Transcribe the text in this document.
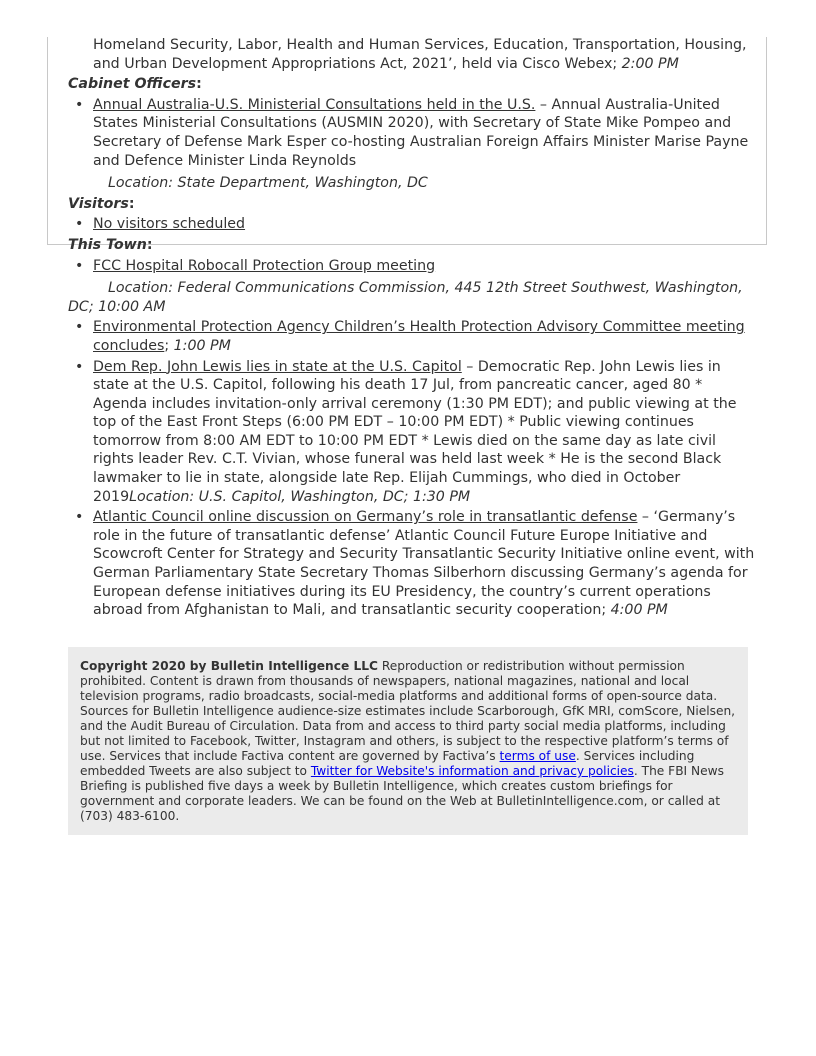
Homeland Security, Labor, Health and Human Services, Education, Transportation, Housing, and Urban Development Appropriations Act, 2021’, held via Cisco Webex; 2:00 PM
Cabinet Officers:
• Annual Australia-U.S. Ministerial Consultations held in the U.S. – Annual Australia-United States Ministerial Consultations (AUSMIN 2020), with Secretary of State Mike Pompeo and Secretary of Defense Mark Esper co-hosting Australian Foreign Affairs Minister Marise Payne and Defence Minister Linda Reynolds
Location: State Department, Washington, DC
Visitors:
• No visitors scheduled
This Town:
• FCC Hospital Robocall Protection Group meeting
Location: Federal Communications Commission, 445 12th Street Southwest, Washington, DC; 10:00 AM
• Environmental Protection Agency Children’s Health Protection Advisory Committee meeting concludes; 1:00 PM
• Dem Rep. John Lewis lies in state at the U.S. Capitol – Democratic Rep. John Lewis lies in state at the U.S. Capitol, following his death 17 Jul, from pancreatic cancer, aged 80 * Agenda includes invitation-only arrival ceremony (1:30 PM EDT); and public viewing at the top of the East Front Steps (6:00 PM EDT – 10:00 PM EDT) * Public viewing continues tomorrow from 8:00 AM EDT to 10:00 PM EDT * Lewis died on the same day as late civil rights leader Rev. C.T. Vivian, whose funeral was held last week * He is the second Black lawmaker to lie in state, alongside late Rep. Elijah Cummings, who died in October 2019Location: U.S. Capitol, Washington, DC; 1:30 PM
• Atlantic Council online discussion on Germany’s role in transatlantic defense – ‘Germany’s role in the future of transatlantic defense’ Atlantic Council Future Europe Initiative and Scowcroft Center for Strategy and Security Transatlantic Security Initiative online event, with German Parliamentary State Secretary Thomas Silberhorn discussing Germany’s agenda for European defense initiatives during its EU Presidency, the country’s current operations abroad from Afghanistan to Mali, and transatlantic security cooperation; 4:00 PM
Copyright 2020 by Bulletin Intelligence LLC Reproduction or redistribution without permission prohibited. Content is drawn from thousands of newspapers, national magazines, national and local television programs, radio broadcasts, social-media platforms and additional forms of open-source data. Sources for Bulletin Intelligence audience-size estimates include Scarborough, GfK MRI, comScore, Nielsen, and the Audit Bureau of Circulation. Data from and access to third party social media platforms, including but not limited to Facebook, Twitter, Instagram and others, is subject to the respective platform’s terms of use. Services that include Factiva content are governed by Factiva’s terms of use. Services including embedded Tweets are also subject to Twitter for Website's information and privacy policies. The FBI News Briefing is published five days a week by Bulletin Intelligence, which creates custom briefings for government and corporate leaders. We can be found on the Web at BulletinIntelligence.com, or called at (703) 483-6100.
